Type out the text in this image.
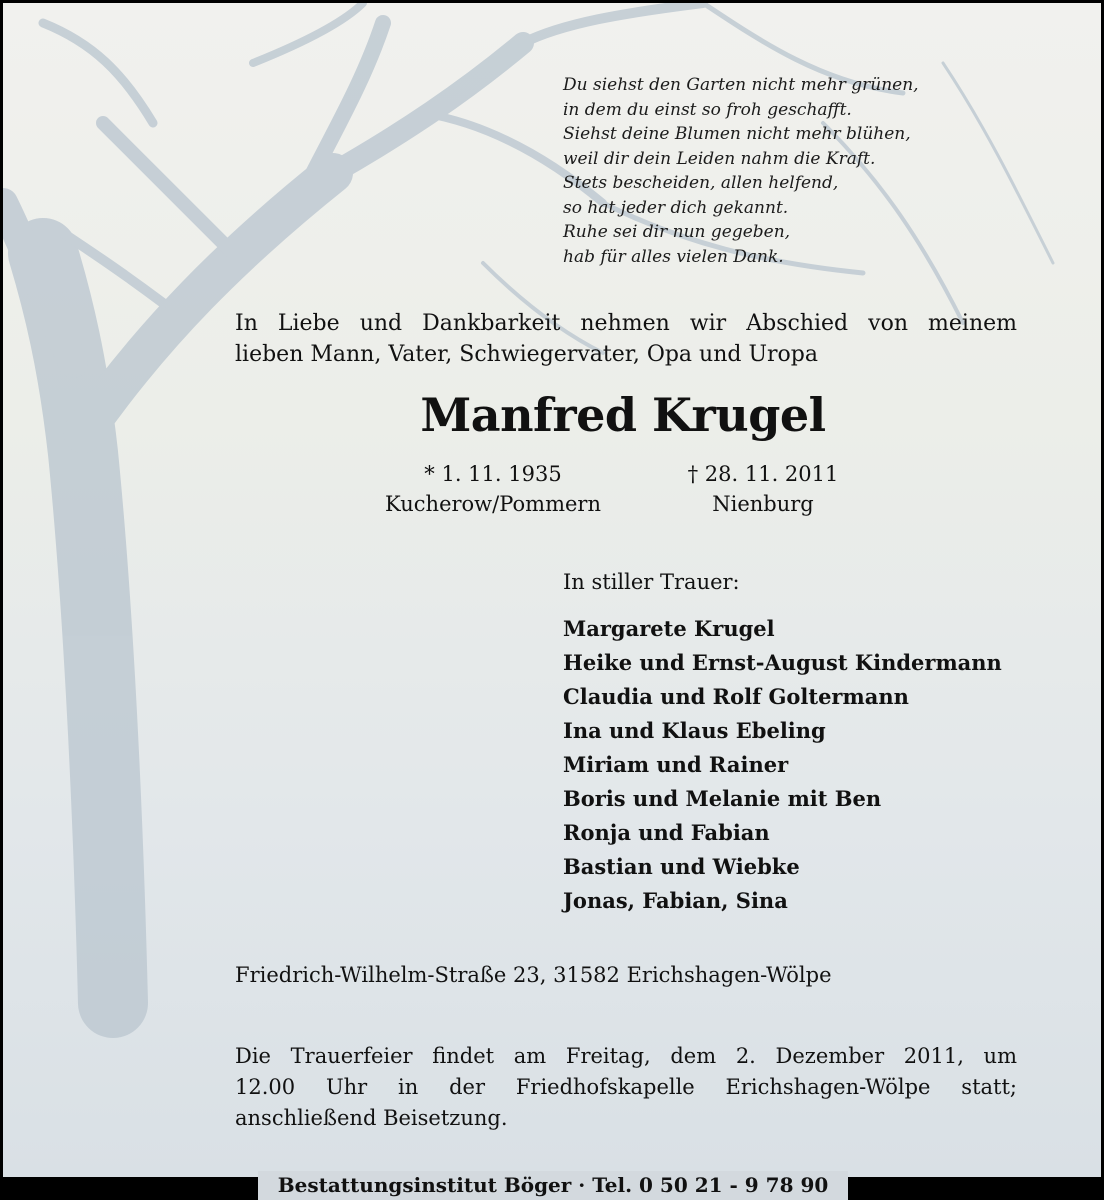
Du siehst den Garten nicht mehr grünen,
in dem du einst so froh geschafft.
Siehst deine Blumen nicht mehr blühen,
weil dir dein Leiden nahm die Kraft.
Stets bescheiden, allen helfend,
so hat jeder dich gekannt.
Ruhe sei dir nun gegeben,
hab für alles vielen Dank.
In Liebe und Dankbarkeit nehmen wir Abschied von meinem
lieben Mann, Vater, Schwiegervater, Opa und Uropa
Manfred Krugel
* 1. 11. 1935
Kucherow/Pommern
† 28. 11. 2011
Nienburg
In stiller Trauer:
Margarete Krugel
Heike und Ernst-August Kindermann
Claudia und Rolf Goltermann
Ina und Klaus Ebeling
Miriam und Rainer
Boris und Melanie mit Ben
Ronja und Fabian
Bastian und Wiebke
Jonas, Fabian, Sina
Friedrich-Wilhelm-Straße 23, 31582 Erichshagen-Wölpe
Die Trauerfeier findet am Freitag, dem 2. Dezember 2011, um
12.00 Uhr in der Friedhofskapelle Erichshagen-Wölpe statt;
anschließend Beisetzung.
Bestattungsinstitut Böger · Tel. 0 50 21 - 9 78 90
